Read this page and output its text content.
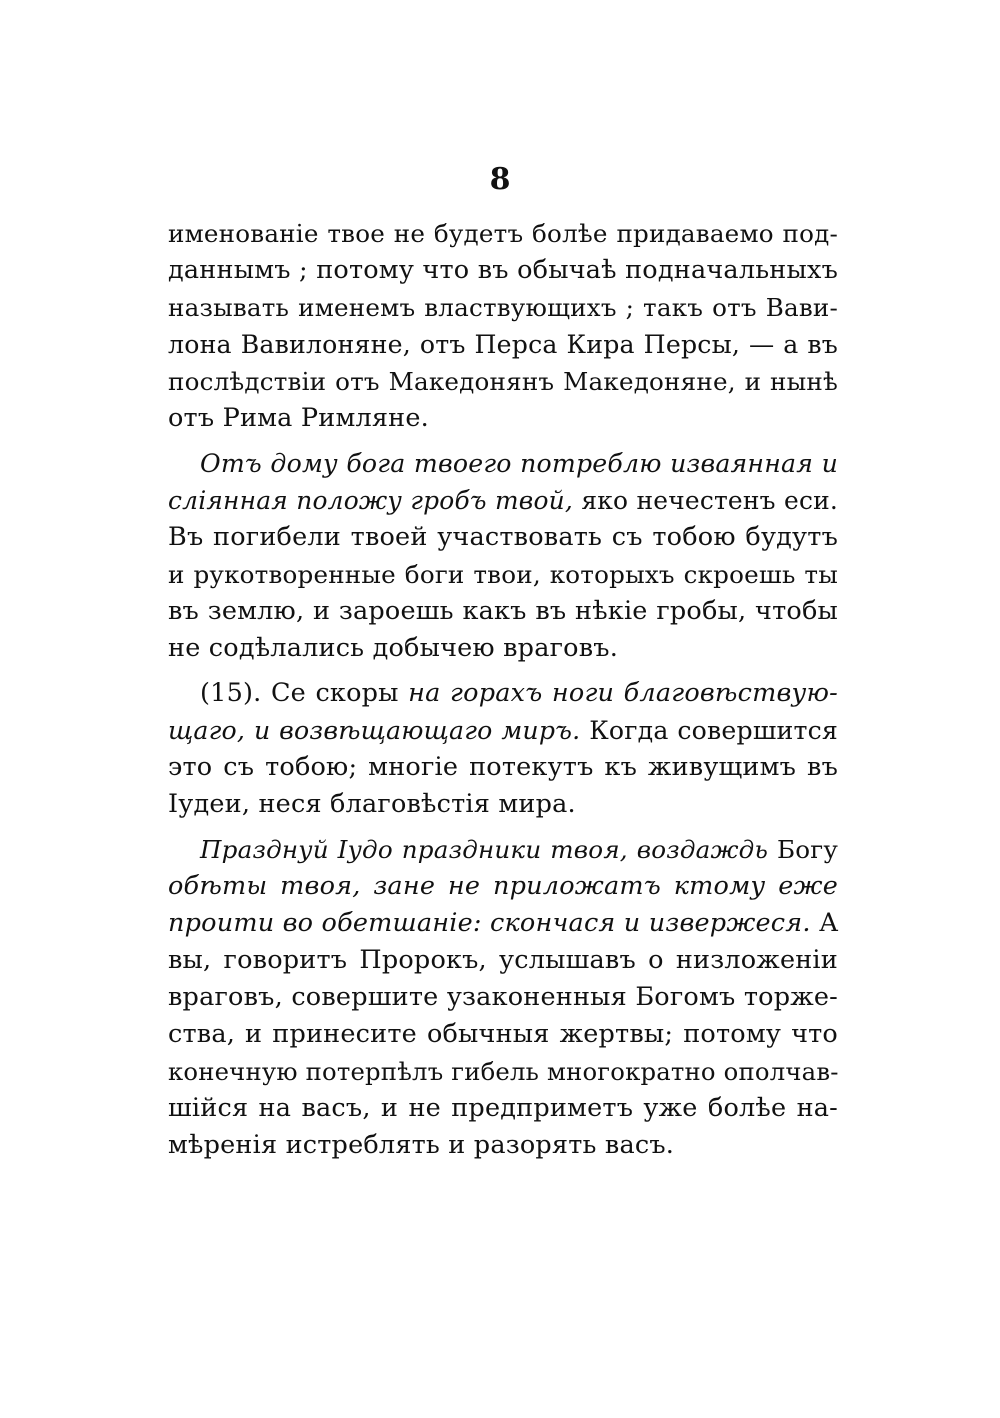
8
именованіе твое не будетъ болѣе придаваемо под-
даннымъ ; потому что въ обычаѣ подначальныхъ
называть именемъ властвующихъ ; такъ отъ Вави-
лона Вавилоняне, отъ Перса Кира Персы, — а въ
послѣдствіи отъ Македонянъ Македоняне, и нынѣ
отъ Рима Римляне.
Отъ дому бога твоего потреблю изваянная и
слiянная положу гробъ твой, яко нечестенъ еси.
Въ погибели твоей участвовать съ тобою будутъ
и рукотворенные боги твои, которыхъ скроешь ты
въ землю, и зароешь какъ въ нѣкіе гробы, чтобы
не содѣлались добычею враговъ.
(15). Се скоры на горахъ ноги благовѣствую-
щаго, и возвѣщающаго миръ. Когда совершится
это съ тобою; многіе потекутъ къ живущимъ въ
Іудеи, неся благовѣстія мира.
Празднуй Іудо праздники твоя, воздаждь Богу
обѣты твоя, зане не приложатъ ктому еже
проити во обетшаніе: скончася и извержеся. А
вы, говоритъ Пророкъ, услышавъ о низложеніи
враговъ, совершите узаконенныя Богомъ торже-
ства, и принесите обычныя жертвы; потому что
конечную потерпѣлъ гибель многократно ополчав-
шійся на васъ, и не предприметъ уже болѣе на-
мѣренія истреблять и разорять васъ.
